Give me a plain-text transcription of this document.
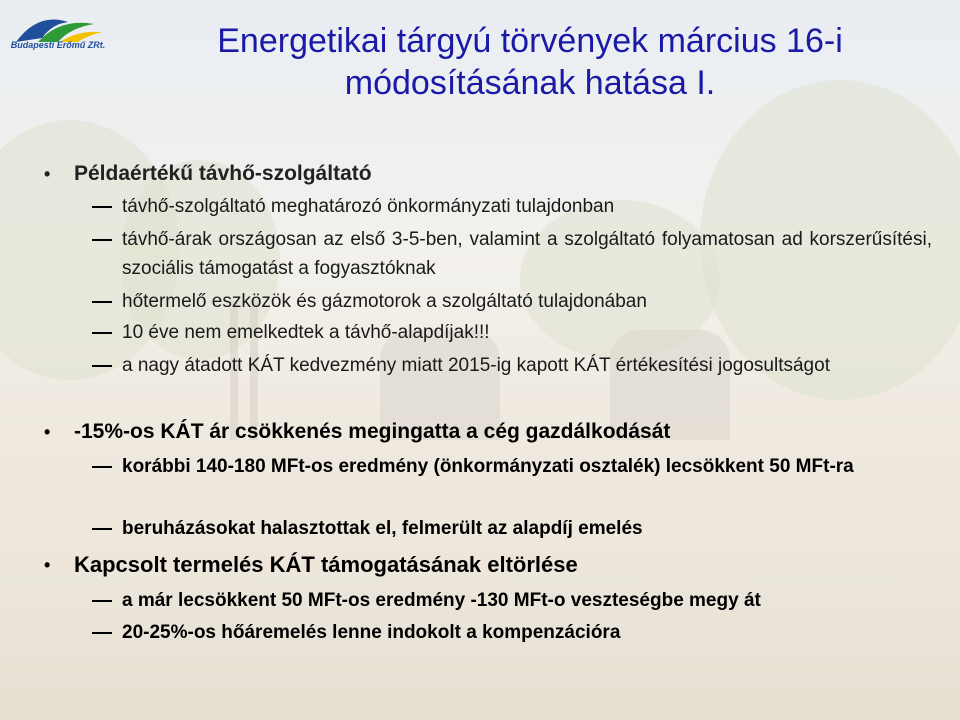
Budapesti Erőmű ZRt.	Energetikai tárgyú törvények március 16-i
módosításának hatása I.
• Példaértékű távhő-szolgáltató
távhő-szolgáltató meghatározó önkormányzati tulajdonban
távhő-árak országosan az első 3-5-ben, valamint a szolgáltató folyamatosan ad korszerűsítési, szociális támogatást a fogyasztóknak
hőtermelő eszközök és gázmotorok a szolgáltató tulajdonában
10 éve nem emelkedtek a távhő-alapdíjak!!!
a nagy átadott KÁT kedvezmény miatt 2015-ig kapott KÁT értékesítési jogosultságot
• -15%-os KÁT ár csökkenés megingatta a cég gazdálkodását
korábbi 140-180 MFt-os eredmény (önkormányzati osztalék) lecsökkent 50 MFt-ra
beruházásokat halasztottak el, felmerült az alapdíj emelés
• Kapcsolt termelés KÁT támogatásának eltörlése
a már lecsökkent 50 MFt-os eredmény -130 MFt-o veszteségbe megy át
20-25%-os hőáremelés lenne indokolt a kompenzációra
